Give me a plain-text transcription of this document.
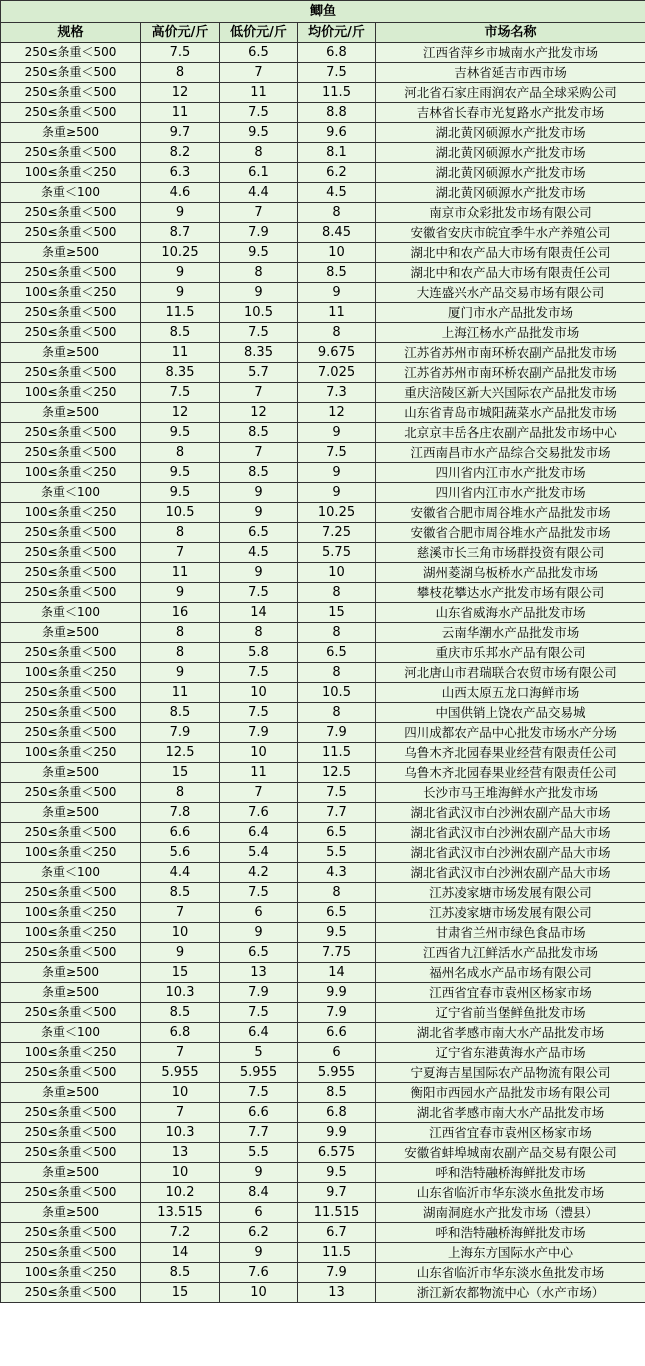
鲫鱼				
规格	高价元/斤	低价元/斤	均价元/斤	市场名称
250≤条重＜500	7.5	6.5	6.8	江西省萍乡市城南水产批发市场
250≤条重＜500	8	7	7.5	吉林省延吉市西市场
250≤条重＜500	12	11	11.5	河北省石家庄雨润农产品全球采购公司
250≤条重＜500	11	7.5	8.8	吉林省长春市光复路水产批发市场
条重≥500	9.7	9.5	9.6	湖北黄冈硕源水产批发市场
250≤条重＜500	8.2	8	8.1	湖北黄冈硕源水产批发市场
100≤条重＜250	6.3	6.1	6.2	湖北黄冈硕源水产批发市场
条重＜100	4.6	4.4	4.5	湖北黄冈硕源水产批发市场
250≤条重＜500	9	7	8	南京市众彩批发市场有限公司
250≤条重＜500	8.7	7.9	8.45	安徽省安庆市皖宜季牛水产养殖公司
条重≥500	10.25	9.5	10	湖北中和农产品大市场有限责任公司
250≤条重＜500	9	8	8.5	湖北中和农产品大市场有限责任公司
100≤条重＜250	9	9	9	大连盛兴水产品交易市场有限公司
250≤条重＜500	11.5	10.5	11	厦门市水产品批发市场
250≤条重＜500	8.5	7.5	8	上海江杨水产品批发市场
条重≥500	11	8.35	9.675	江苏省苏州市南环桥农副产品批发市场
250≤条重＜500	8.35	5.7	7.025	江苏省苏州市南环桥农副产品批发市场
100≤条重＜250	7.5	7	7.3	重庆涪陵区新大兴国际农产品批发市场
条重≥500	12	12	12	山东省青岛市城阳蔬菜水产品批发市场
250≤条重＜500	9.5	8.5	9	北京京丰岳各庄农副产品批发市场中心
250≤条重＜500	8	7	7.5	江西南昌市水产品综合交易批发市场
100≤条重＜250	9.5	8.5	9	四川省内江市水产批发市场
条重＜100	9.5	9	9	四川省内江市水产批发市场
100≤条重＜250	10.5	9	10.25	安徽省合肥市周谷堆水产品批发市场
250≤条重＜500	8	6.5	7.25	安徽省合肥市周谷堆水产品批发市场
250≤条重＜500	7	4.5	5.75	慈溪市长三角市场群投资有限公司
250≤条重＜500	11	9	10	湖州菱湖乌板桥水产品批发市场
250≤条重＜500	9	7.5	8	攀枝花攀达水产批发市场有限公司
条重＜100	16	14	15	山东省威海水产品批发市场
条重≥500	8	8	8	云南华潮水产品批发市场
250≤条重＜500	8	5.8	6.5	重庆市乐邦水产品有限公司
100≤条重＜250	9	7.5	8	河北唐山市君瑞联合农贸市场有限公司
250≤条重＜500	11	10	10.5	山西太原五龙口海鲜市场
250≤条重＜500	8.5	7.5	8	中国供销上饶农产品交易城
250≤条重＜500	7.9	7.9	7.9	四川成都农产品中心批发市场水产分场
100≤条重＜250	12.5	10	11.5	乌鲁木齐北园春果业经营有限责任公司
条重≥500	15	11	12.5	乌鲁木齐北园春果业经营有限责任公司
250≤条重＜500	8	7	7.5	长沙市马王堆海鲜水产批发市场
条重≥500	7.8	7.6	7.7	湖北省武汉市白沙洲农副产品大市场
250≤条重＜500	6.6	6.4	6.5	湖北省武汉市白沙洲农副产品大市场
100≤条重＜250	5.6	5.4	5.5	湖北省武汉市白沙洲农副产品大市场
条重＜100	4.4	4.2	4.3	湖北省武汉市白沙洲农副产品大市场
250≤条重＜500	8.5	7.5	8	江苏凌家塘市场发展有限公司
100≤条重＜250	7	6	6.5	江苏凌家塘市场发展有限公司
100≤条重＜250	10	9	9.5	甘肃省兰州市绿色食品市场
250≤条重＜500	9	6.5	7.75	江西省九江鲜活水产品批发市场
条重≥500	15	13	14	福州名成水产品市场有限公司
条重≥500	10.3	7.9	9.9	江西省宜春市袁州区杨家市场
250≤条重＜500	8.5	7.5	7.9	辽宁省前当堡鲜鱼批发市场
条重＜100	6.8	6.4	6.6	湖北省孝感市南大水产品批发市场
100≤条重＜250	7	5	6	辽宁省东港黄海水产品市场
250≤条重＜500	5.955	5.955	5.955	宁夏海吉星国际农产品物流有限公司
条重≥500	10	7.5	8.5	衡阳市西园水产品批发市场有限公司
250≤条重＜500	7	6.6	6.8	湖北省孝感市南大水产品批发市场
250≤条重＜500	10.3	7.7	9.9	江西省宜春市袁州区杨家市场
250≤条重＜500	13	5.5	6.575	安徽省蚌埠城南农副产品交易有限公司
条重≥500	10	9	9.5	呼和浩特融桥海鲜批发市场
250≤条重＜500	10.2	8.4	9.7	山东省临沂市华东淡水鱼批发市场
条重≥500	13.515	6	11.515	湖南洞庭水产批发市场（澧县）
250≤条重＜500	7.2	6.2	6.7	呼和浩特融桥海鲜批发市场
250≤条重＜500	14	9	11.5	上海东方国际水产中心
100≤条重＜250	8.5	7.6	7.9	山东省临沂市华东淡水鱼批发市场
250≤条重＜500	15	10	13	浙江新农都物流中心（水产市场）
